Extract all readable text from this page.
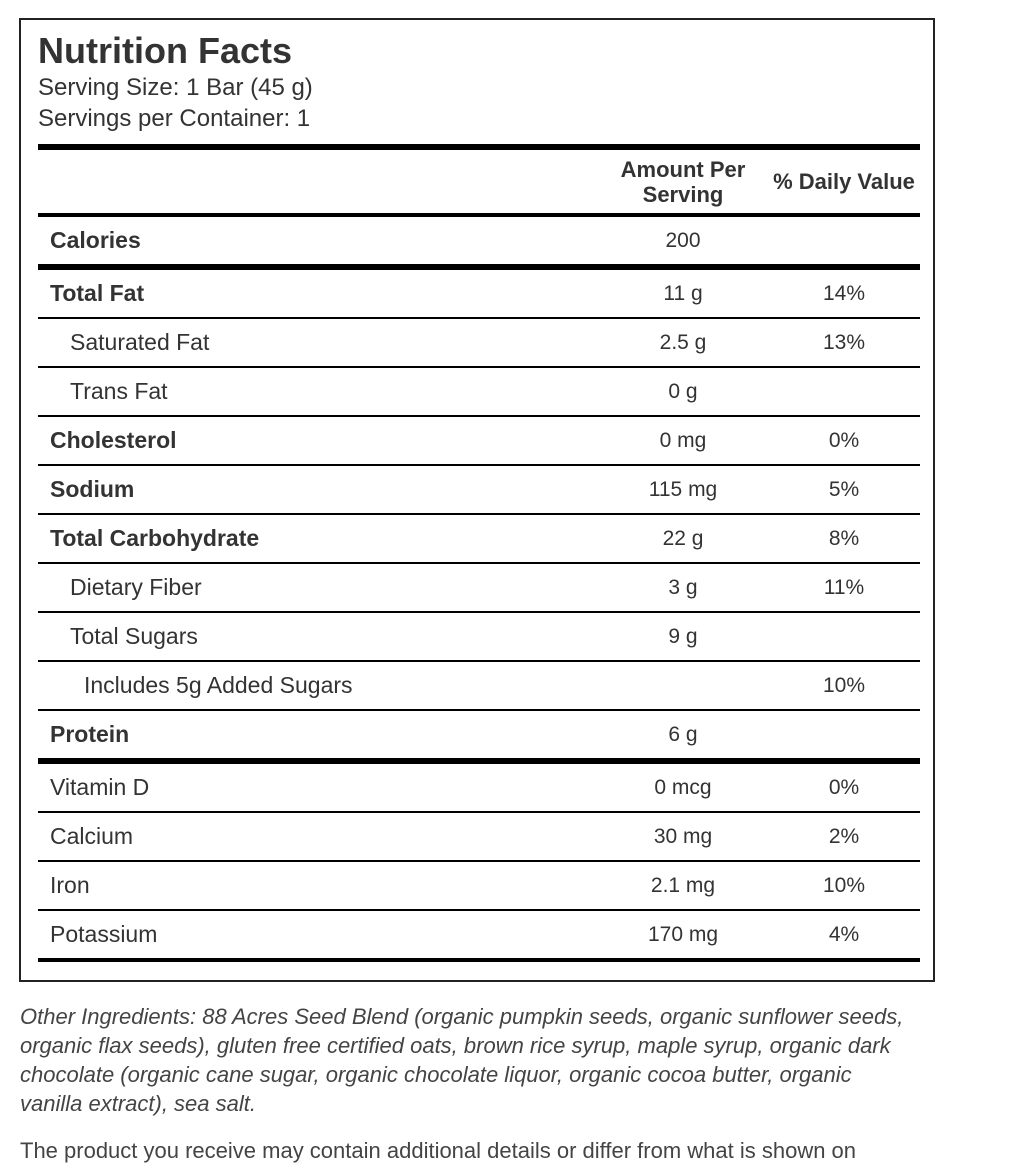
Nutrition Facts
Serving Size: 1 Bar (45 g)
Servings per Container: 1
	Amount Per Serving	% Daily Value
Calories	200	
Total Fat	11 g	14%
Saturated Fat	2.5 g	13%
Trans Fat	0 g	
Cholesterol	0 mg	0%
Sodium	115 mg	5%
Total Carbohydrate	22 g	8%
Dietary Fiber	3 g	11%
Total Sugars	9 g	
Includes 5g Added Sugars		10%
Protein	6 g	
Vitamin D	0 mcg	0%
Calcium	30 mg	2%
Iron	2.1 mg	10%
Potassium	170 mg	4%
Other Ingredients: 88 Acres Seed Blend (organic pumpkin seeds, organic sunflower seeds, organic flax seeds), gluten free certified oats, brown rice syrup, maple syrup, organic dark chocolate (organic cane sugar, organic chocolate liquor, organic cocoa butter, organic vanilla extract), sea salt.
The product you receive may contain additional details or differ from what is shown on
